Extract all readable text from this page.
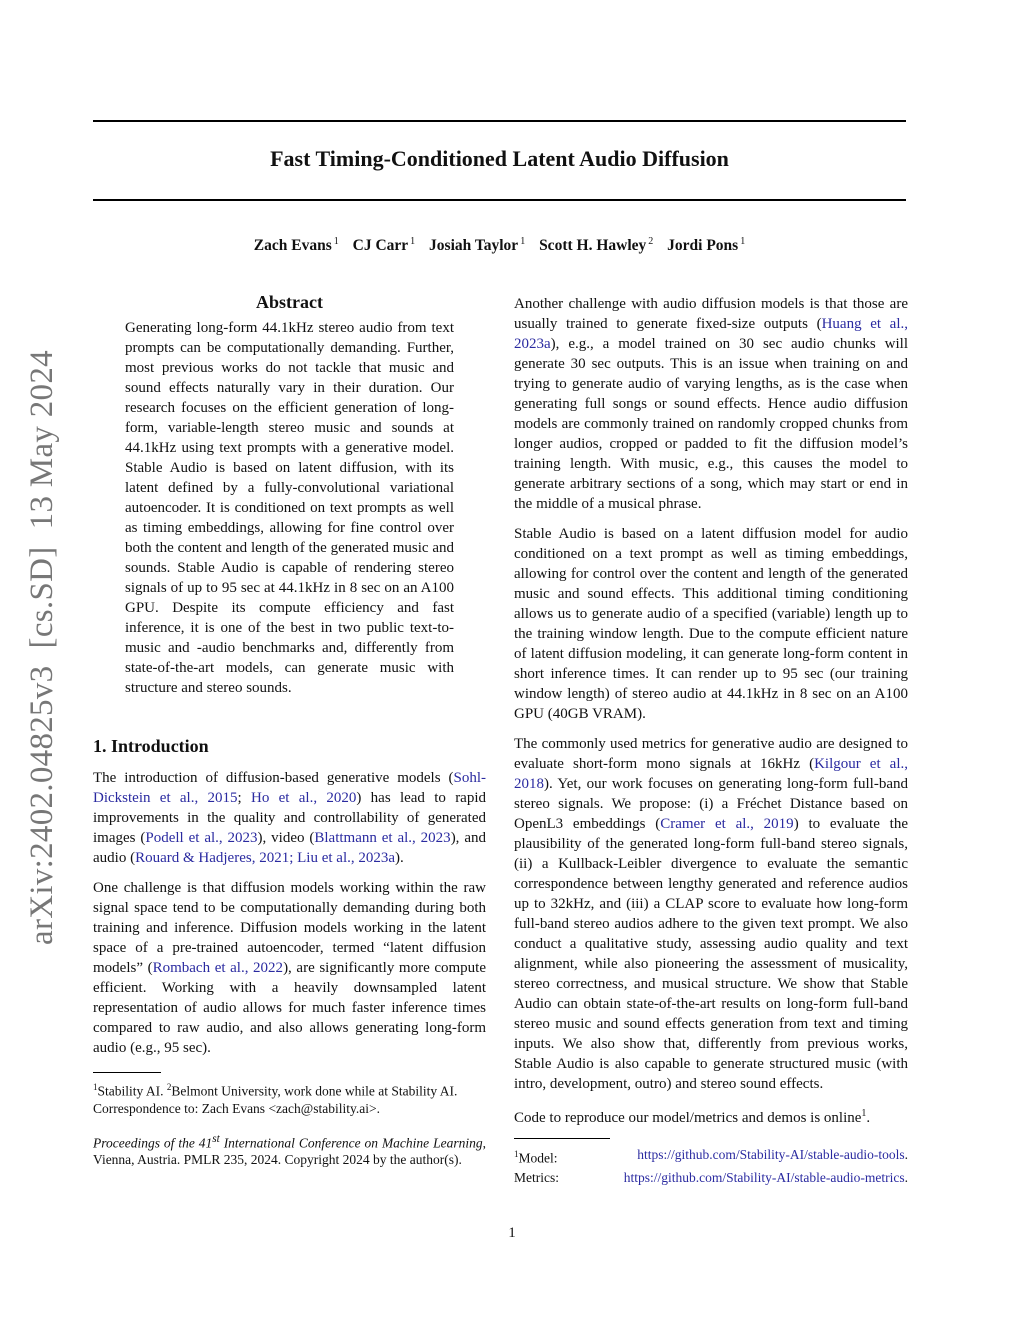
Fast Timing-Conditioned Latent Audio Diffusion
Zach Evans $^1$ CJ Carr $^1$ Josiah Taylor $^1$ Scott H. Hawley $^2$ Jordi Pons $^1$
arXiv:2402.04825v3  [cs.SD]  13 May 2024
Abstract

Generating long-form 44.1kHz stereo audio from text prompts can be computationally demanding. Further, most previous works do not tackle that music and sound effects naturally vary in their duration. Our research focuses on the efficient generation of long-form, variable-length stereo music and sounds at 44.1kHz using text prompts with a generative model. Stable Audio is based on latent diffusion, with its latent defined by a fully-convolutional variational autoencoder. It is conditioned on text prompts as well as timing embeddings, allowing for fine control over both the content and length of the generated music and sounds. Stable Audio is capable of rendering stereo signals of up to 95 sec at 44.1kHz in 8 sec on an A100 GPU. Despite its compute efficiency and fast inference, it is one of the best in two public text-to-music and -audio benchmarks and, differently from state-of-the-art models, can generate music with structure and stereo sounds.

1. Introduction

The introduction of diffusion-based generative models (Sohl-Dickstein et al., 2015; Ho et al., 2020) has lead to rapid improvements in the quality and controllability of generated images (Podell et al., 2023), video (Blattmann et al., 2023), and audio (Rouard & Hadjeres, 2021; Liu et al., 2023a).

One challenge is that diffusion models working within the raw signal space tend to be computationally demanding during both training and inference. Diffusion models working in the latent space of a pre-trained autoencoder, termed “latent diffusion models” (Rombach et al., 2022), are significantly more compute efficient. Working with a heavily downsampled latent representation of audio allows for much faster inference times compared to raw audio, and also allows generating long-form audio (e.g., 95 sec).

$^1$Stability AI. $^2$Belmont University, work done while at Stability AI. Correspondence to: Zach Evans <zach@stability.ai>.
Proceedings of the 41st International Conference on Machine Learning, Vienna, Austria. PMLR 235, 2024. Copyright 2024 by the author(s).

Another challenge with audio diffusion models is that those are usually trained to generate fixed-size outputs (Huang et al., 2023a), e.g., a model trained on 30 sec audio chunks will generate 30 sec outputs. This is an issue when training on and trying to generate audio of varying lengths, as is the case when generating full songs or sound effects. Hence audio diffusion models are commonly trained on randomly cropped chunks from longer audios, cropped or padded to fit the diffusion model’s training length. With music, e.g., this causes the model to generate arbitrary sections of a song, which may start or end in the middle of a musical phrase.

Stable Audio is based on a latent diffusion model for audio conditioned on a text prompt as well as timing embeddings, allowing for control over the content and length of the generated music and sound effects. This additional timing conditioning allows us to generate audio of a specified (variable) length up to the training window length. Due to the compute efficient nature of latent diffusion modeling, it can generate long-form content in short inference times. It can render up to 95 sec (our training window length) of stereo audio at 44.1kHz in 8 sec on an A100 GPU (40GB VRAM).

The commonly used metrics for generative audio are designed to evaluate short-form mono signals at 16kHz (Kilgour et al., 2018). Yet, our work focuses on generating long-form full-band stereo signals. We propose: (i) a Fréchet Distance based on OpenL3 embeddings (Cramer et al., 2019) to evaluate the plausibility of the generated long-form full-band stereo signals, (ii) a Kullback-Leibler divergence to evaluate the semantic correspondence between lengthy generated and reference audios up to 32kHz, and (iii) a CLAP score to evaluate how long-form full-band stereo audios adhere to the given text prompt. We also conduct a qualitative study, assessing audio quality and text alignment, while also pioneering the assessment of musicality, stereo correctness, and musical structure. We show that Stable Audio can obtain state-of-the-art results on long-form full-band stereo music and sound effects generation from text and timing inputs. We also show that, differently from previous works, Stable Audio is also capable to generate structured music (with intro, development, outro) and stereo sound effects.

Code to reproduce our model/metrics and demos is online$^1$.

$^1$Model:	https://github.com/Stability-AI/stable-audio-tools.
Metrics:	https://github.com/Stability-AI/stable-audio-metrics.
1
